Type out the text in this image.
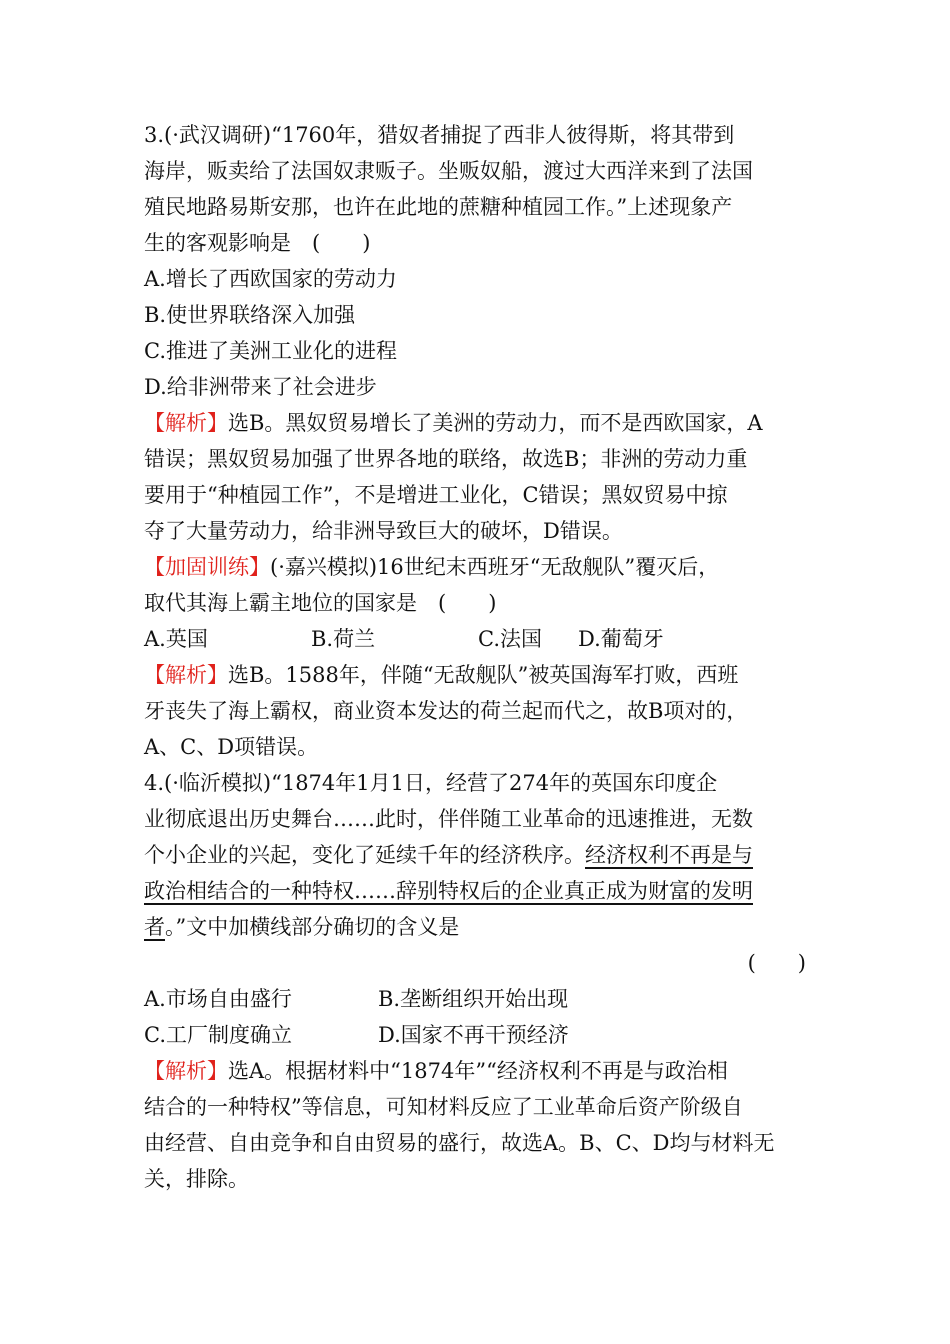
3.(·武汉调研)“1760年，猎奴者捕捉了西非人彼得斯，将其带到
海岸，贩卖给了法国奴隶贩子。坐贩奴船，渡过大西洋来到了法国
殖民地路易斯安那，也许在此地的蔗糖种植园工作。”上述现象产
生的客观影响是　(　　)
A.增长了西欧国家的劳动力
B.使世界联络深入加强
C.推进了美洲工业化的进程
D.给非洲带来了社会进步
【解析】选B。黑奴贸易增长了美洲的劳动力，而不是西欧国家，A
错误；黑奴贸易加强了世界各地的联络，故选B；非洲的劳动力重
要用于“种植园工作”，不是增进工业化，C错误；黑奴贸易中掠
夺了大量劳动力，给非洲导致巨大的破坏，D错误。
【加固训练】(·嘉兴模拟)16世纪末西班牙“无敌舰队”覆灭后，
取代其海上霸主地位的国家是　(　　)
A.英国	B.荷兰	C.法国 D.葡萄牙
【解析】选B。1588年，伴随“无敌舰队”被英国海军打败，西班
牙丧失了海上霸权，商业资本发达的荷兰起而代之，故B项对的，
A、C、D项错误。
4.(·临沂模拟)“1874年1月1日，经营了274年的英国东印度企
业彻底退出历史舞台……此时，伴伴随工业革命的迅速推进，无数
个小企业的兴起，变化了延续千年的经济秩序。经济权利不再是与
政治相结合的一种特权……辞别特权后的企业真正成为财富的发明
者。”文中加横线部分确切的含义是
(　　)
A.市场自由盛行	B.垄断组织开始出现
C.工厂制度确立	D.国家不再干预经济
【解析】选A。根据材料中“1874年”“经济权利不再是与政治相
结合的一种特权”等信息，可知材料反应了工业革命后资产阶级自
由经营、自由竞争和自由贸易的盛行，故选A。B、C、D均与材料无
关，排除。
